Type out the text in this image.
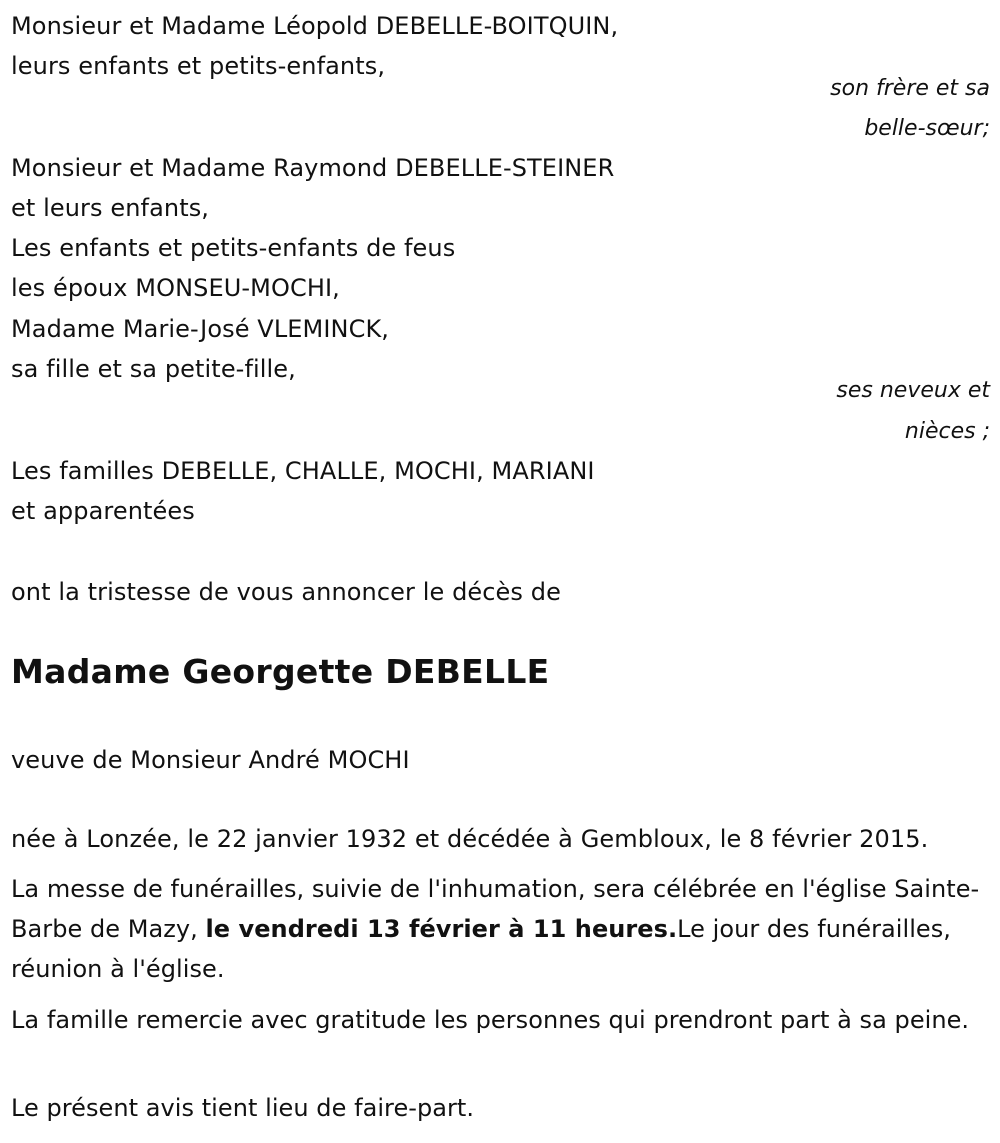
Monsieur et Madame Léopold DEBELLE-BOITQUIN,
leurs enfants et petits-enfants,
son frère et sa
belle-sœur;
Monsieur et Madame Raymond DEBELLE-STEINER
et leurs enfants,
Les enfants et petits-enfants de feus
les époux MONSEU-MOCHI,
Madame Marie-José VLEMINCK,
sa fille et sa petite-fille,
ses neveux et
nièces ;
Les familles DEBELLE, CHALLE, MOCHI, MARIANI
et apparentées
ont la tristesse de vous annoncer le décès de
Madame Georgette DEBELLE
veuve de Monsieur André MOCHI
née à Lonzée, le 22 janvier 1932 et décédée à Gembloux, le 8 février 2015.
La messe de funérailles, suivie de l'inhumation, sera célébrée en l'église Sainte-Barbe de Mazy, le vendredi 13 février à 11 heures.Le jour des funérailles, réunion à l'église.
La famille remercie avec gratitude les personnes qui prendront part à sa peine.
Le présent avis tient lieu de faire-part.
